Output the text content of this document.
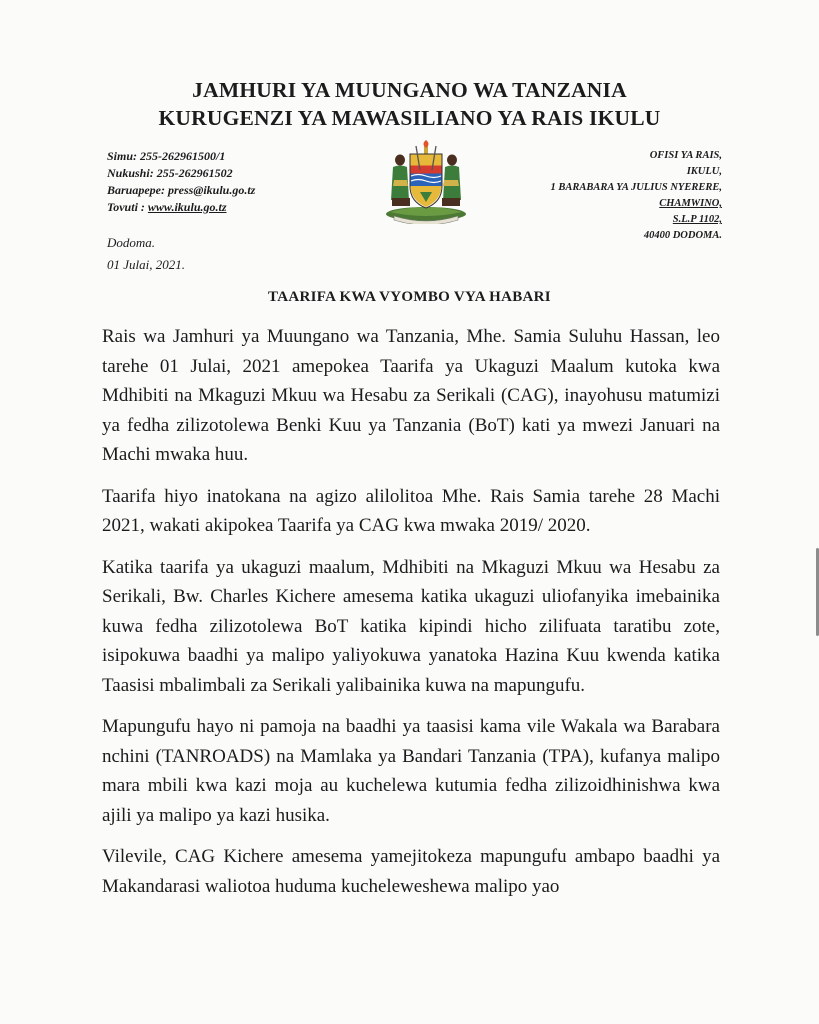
JAMHURI YA MUUNGANO WA TANZANIA
KURUGENZI YA MAWASILIANO YA RAIS IKULU
Simu: 255-262961500/1
Nukushi: 255-262961502
Baruapepe: press@ikulu.go.tz
Tovuti : www.ikulu.go.tz
OFISI YA RAIS,
IKULU,
1 BARABARA YA JULIUS NYERERE,
CHAMWINO,
S.L.P 1102,
40400 DODOMA.
Dodoma.
01 Julai, 2021.
TAARIFA KWA VYOMBO VYA HABARI

Rais wa Jamhuri ya Muungano wa Tanzania, Mhe. Samia Suluhu Hassan, leo tarehe 01 Julai, 2021 amepokea Taarifa ya Ukaguzi Maalum kutoka kwa Mdhibiti na Mkaguzi Mkuu wa Hesabu za Serikali (CAG), inayohusu matumizi ya fedha zilizotolewa Benki Kuu ya Tanzania (BoT) kati ya mwezi Januari na Machi mwaka huu.

Taarifa hiyo inatokana na agizo alilolitoa Mhe. Rais Samia tarehe 28 Machi 2021, wakati akipokea Taarifa ya CAG kwa mwaka 2019/ 2020.

Katika taarifa ya ukaguzi maalum, Mdhibiti na Mkaguzi Mkuu wa Hesabu za Serikali, Bw. Charles Kichere amesema katika ukaguzi uliofanyika imebainika kuwa fedha zilizotolewa BoT katika kipindi hicho zilifuata taratibu zote, isipokuwa baadhi ya malipo yaliyokuwa yanatoka Hazina Kuu kwenda katika Taasisi mbalimbali za Serikali yalibainika kuwa na mapungufu.

Mapungufu hayo ni pamoja na baadhi ya taasisi kama vile Wakala wa Barabara nchini (TANROADS) na Mamlaka ya Bandari Tanzania (TPA), kufanya malipo mara mbili kwa kazi moja au kuchelewa kutumia fedha zilizoidhinishwa kwa ajili ya malipo ya kazi husika.

Vilevile, CAG Kichere amesema yamejitokeza mapungufu ambapo baadhi ya Makandarasi waliotoa huduma kucheleweshewa malipo yao
